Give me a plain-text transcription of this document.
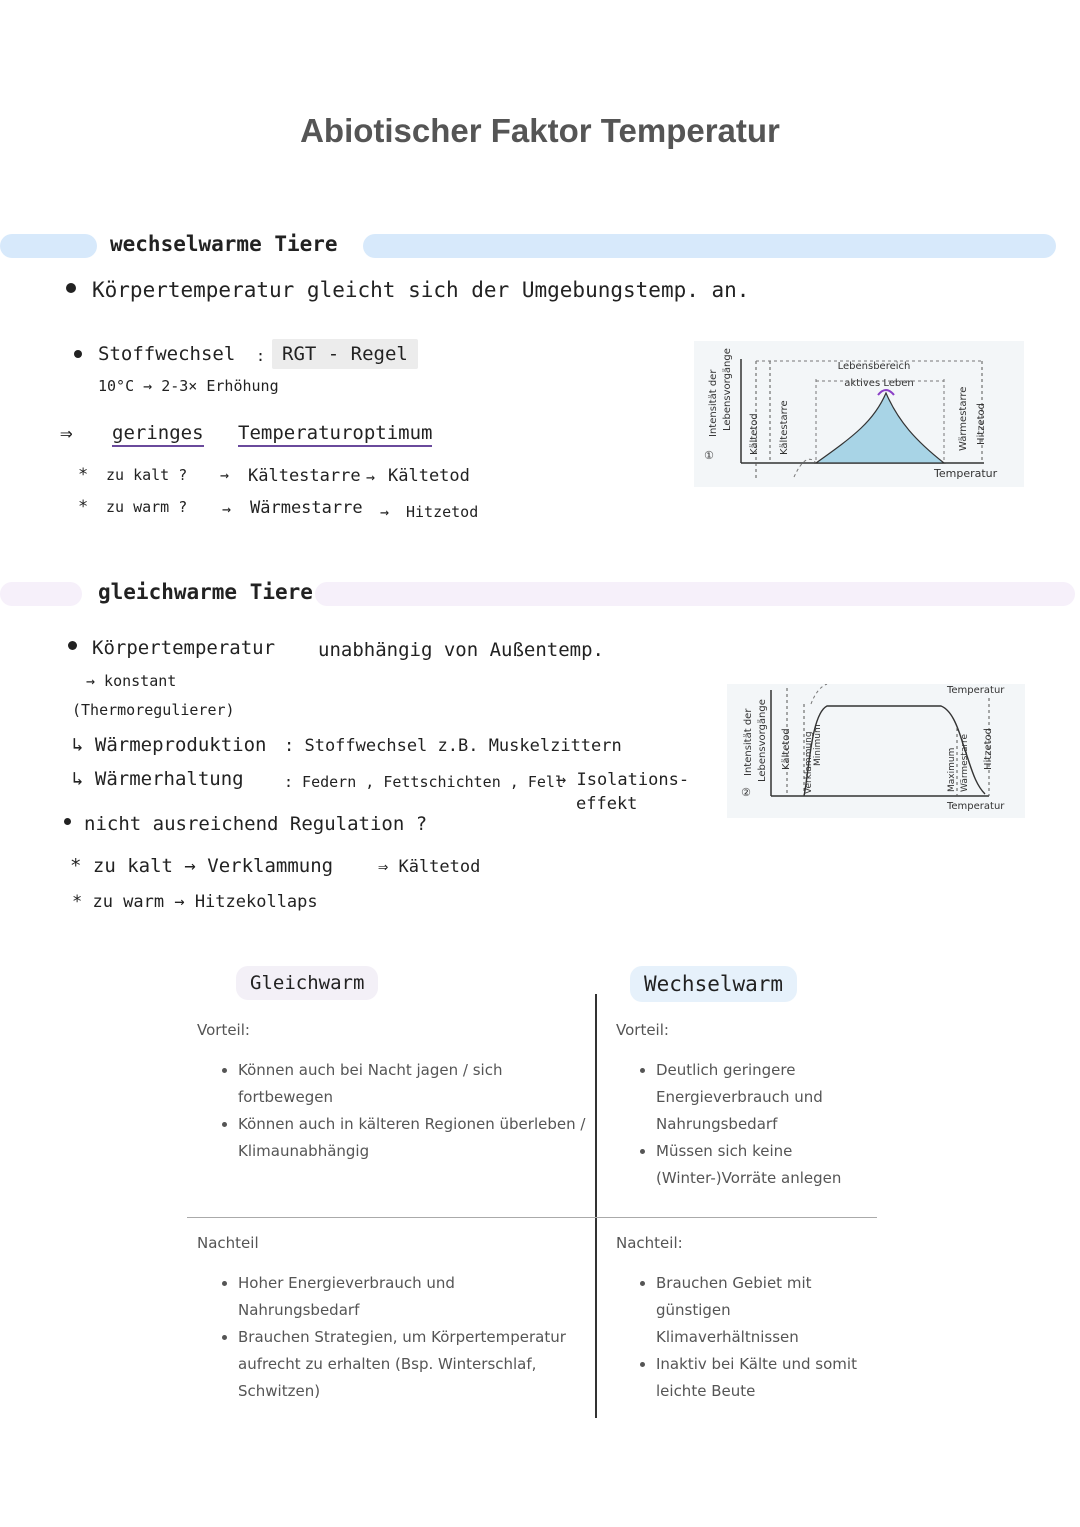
Abiotischer Faktor Temperatur
wechselwarme Tiere
Körpertemperatur gleicht sich der Umgebungstemp. an.
Stoffwechsel : RGT - Regel
10°C → 2-3× Erhöhung
⇒ geringes Temperaturoptimum
* zu kalt ? → Kältestarre → Kältetod
* zu warm ? → Wärmestarre → Hitzetod
Intensität der Lebensvorgänge
①
Kältetod Kältestarre
Lebensbereich
aktives Leben
Wärmestarre Hitzetod
Temperatur
gleichwarme Tiere
Körpertemperatur unabhängig von Außentemp.
→ konstant
(Thermoregulierer)
↳ Wärmeproduktion : Stoffwechsel z.B. Muskelzittern
↳ Wärmerhaltung	: Federn , Fettschichten , Fell
→ Isolations-
effekt
nicht ausreichend Regulation ?
* zu kalt → Verklammung	⇒ Kältetod
* zu warm → Hitzekollaps
Intensität der Lebensvorgänge
②
Kältetod Verklammung Minimum
Maximum Wärmestarre Hitzetod
Temperatur
Temperatur
Gleichwarm	Wechselwarm
Vorteil:
• Können auch bei Nacht jagen / sich fortbewegen
• Können auch in kälteren Regionen überleben / Klimaunabhängig
Vorteil:
• Deutlich geringere Energieverbrauch und Nahrungsbedarf
• Müssen sich keine (Winter-)Vorräte anlegen
Nachteil
• Hoher Energieverbrauch und Nahrungsbedarf
• Brauchen Strategien, um Körpertemperatur aufrecht zu erhalten (Bsp. Winterschlaf, Schwitzen)
Nachteil:
• Brauchen Gebiet mit günstigen Klimaverhältnissen
• Inaktiv bei Kälte und somit leichte Beute
